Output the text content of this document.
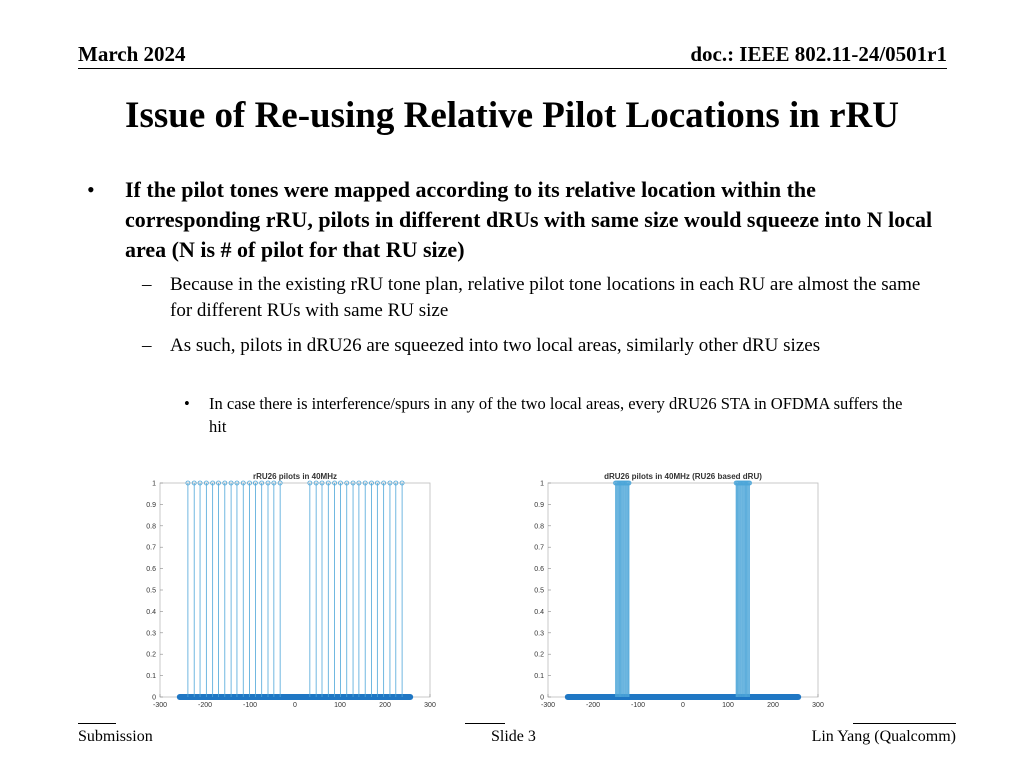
March 2024	doc.: IEEE 802.11-24/0501r1
Issue of Re-using Relative Pilot Locations in rRU
• If the pilot tones were mapped according to its relative location within the corresponding rRU, pilots in different dRUs with same size would squeeze into N local area (N is # of pilot for that RU size)
– Because in the existing rRU tone plan, relative pilot tone locations in each RU are almost the same for different RUs with same RU size
– As such, pilots in dRU26 are squeezed into two local areas, similarly other dRU sizes
• In case there is interference/spurs in any of the two local areas, every dRU26 STA in OFDMA suffers the hit
rRU26 pilots in 40MHz
-300	-200	-100	0	100	200	300
0
0.1
0.2
0.3
0.4
0.5
0.6
0.7
0.8
0.9
1
dRU26 pilots in 40MHz (RU26 based dRU)
-300	-200	-100	0	100	200	300
0
0.1
0.2
0.3
0.4
0.5
0.6
0.7
0.8
0.9
1
Submission	Slide 3	Lin Yang (Qualcomm)
